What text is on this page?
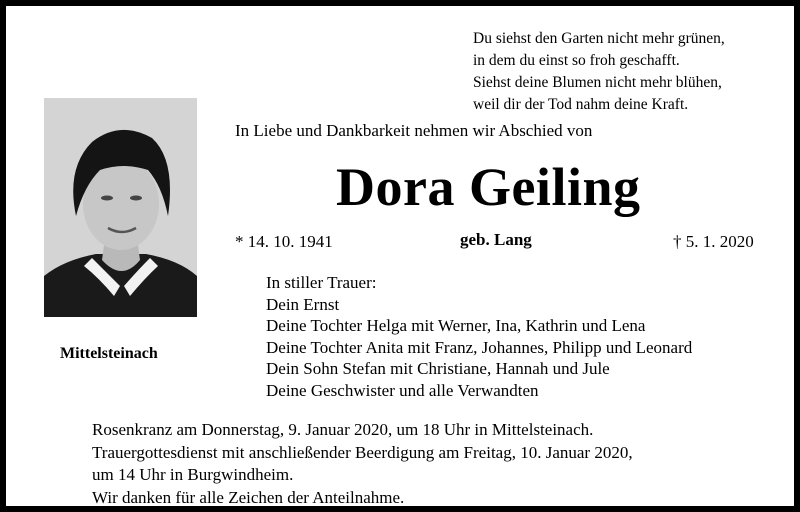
Du siehst den Garten nicht mehr grünen,
in dem du einst so froh geschafft.
Siehst deine Blumen nicht mehr blühen,
weil dir der Tod nahm deine Kraft.
Mittelsteinach
In Liebe und Dankbarkeit nehmen wir Abschied von
Dora Geiling
* 14. 10. 1941	geb. Lang	† 5. 1. 2020
In stiller Trauer:
Dein Ernst
Deine Tochter Helga mit Werner, Ina, Kathrin und Lena
Deine Tochter Anita mit Franz, Johannes, Philipp und Leonard
Dein Sohn Stefan mit Christiane, Hannah und Jule
Deine Geschwister und alle Verwandten
Rosenkranz am Donnerstag, 9. Januar 2020, um 18 Uhr in Mittelsteinach.
Trauergottesdienst mit anschließender Beerdigung am Freitag, 10. Januar 2020,
um 14 Uhr in Burgwindheim.
Wir danken für alle Zeichen der Anteilnahme.
